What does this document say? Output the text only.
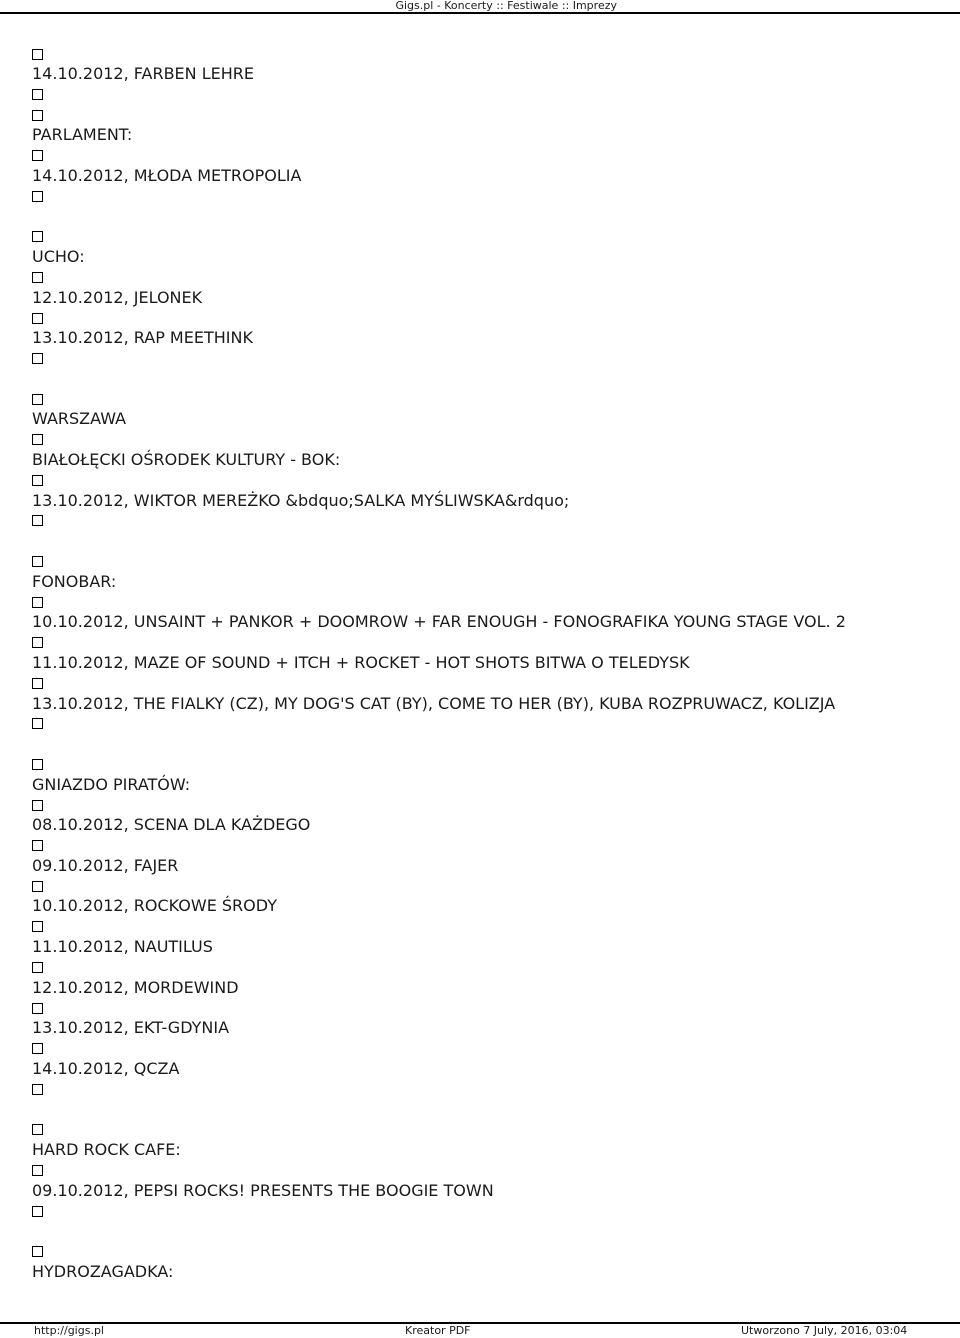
Gigs.pl - Koncerty :: Festiwale :: Imprezy
14.10.2012, FARBEN LEHRE
PARLAMENT:
14.10.2012, MŁODA METROPOLIA
UCHO:
12.10.2012, JELONEK
13.10.2012, RAP MEETHINK
WARSZAWA
BIAŁOŁĘCKI OŚRODEK KULTURY - BOK:
13.10.2012, WIKTOR MEREŻKO &bdquo;SALKA MYŚLIWSKA&rdquo;
FONOBAR:
10.10.2012, UNSAINT + PANKOR + DOOMROW + FAR ENOUGH - FONOGRAFIKA YOUNG STAGE VOL. 2
11.10.2012, MAZE OF SOUND + ITCH + ROCKET - HOT SHOTS BITWA O TELEDYSK
13.10.2012, THE FIALKY (CZ), MY DOG'S CAT (BY), COME TO HER (BY), KUBA ROZPRUWACZ, KOLIZJA
GNIAZDO PIRATÓW:
08.10.2012, SCENA DLA KAŻDEGO
09.10.2012, FAJER
10.10.2012, ROCKOWE ŚRODY
11.10.2012, NAUTILUS
12.10.2012, MORDEWIND
13.10.2012, EKT-GDYNIA
14.10.2012, QCZA
HARD ROCK CAFE:
09.10.2012, PEPSI ROCKS! PRESENTS THE BOOGIE TOWN
HYDROZAGADKA:
http://gigs.pl	Kreator PDF	Utworzono 7 July, 2016, 03:04
